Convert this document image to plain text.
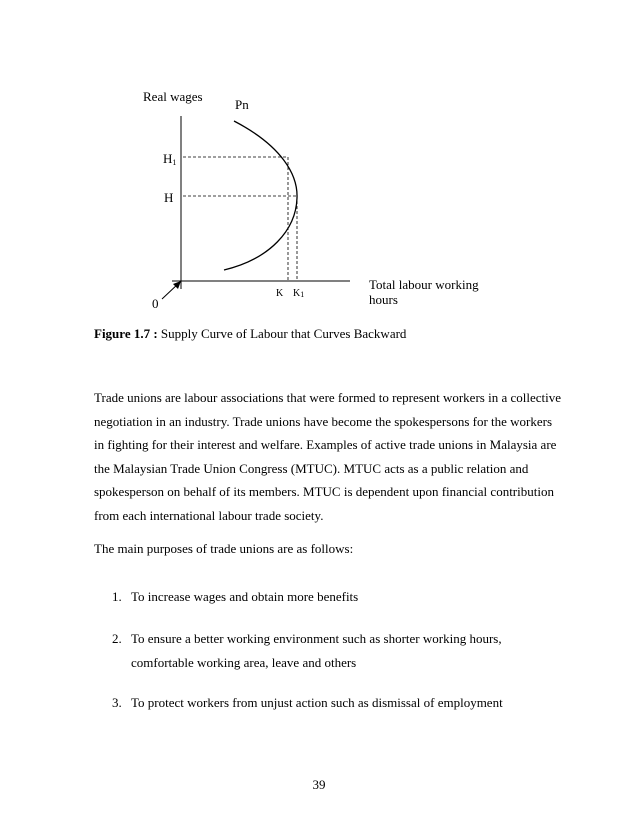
Real wages
Pn
H1
H
0
K K1
Total labour working
hours
Figure 1.7 : Supply Curve of Labour that Curves Backward

Trade unions are labour associations that were formed to represent workers in a collective
negotiation in an industry. Trade unions have become the spokespersons for the workers
in fighting for their interest and welfare. Examples of active trade unions in Malaysia are
the Malaysian Trade Union Congress (MTUC). MTUC acts as a public relation and
spokesperson on behalf of its members. MTUC is dependent upon financial contribution
from each international labour trade society.

The main purposes of trade unions are as follows:

1. To increase wages and obtain more benefits
2. To ensure a better working environment such as shorter working hours,
comfortable working area, leave and others
3. To protect workers from unjust action such as dismissal of employment
39
